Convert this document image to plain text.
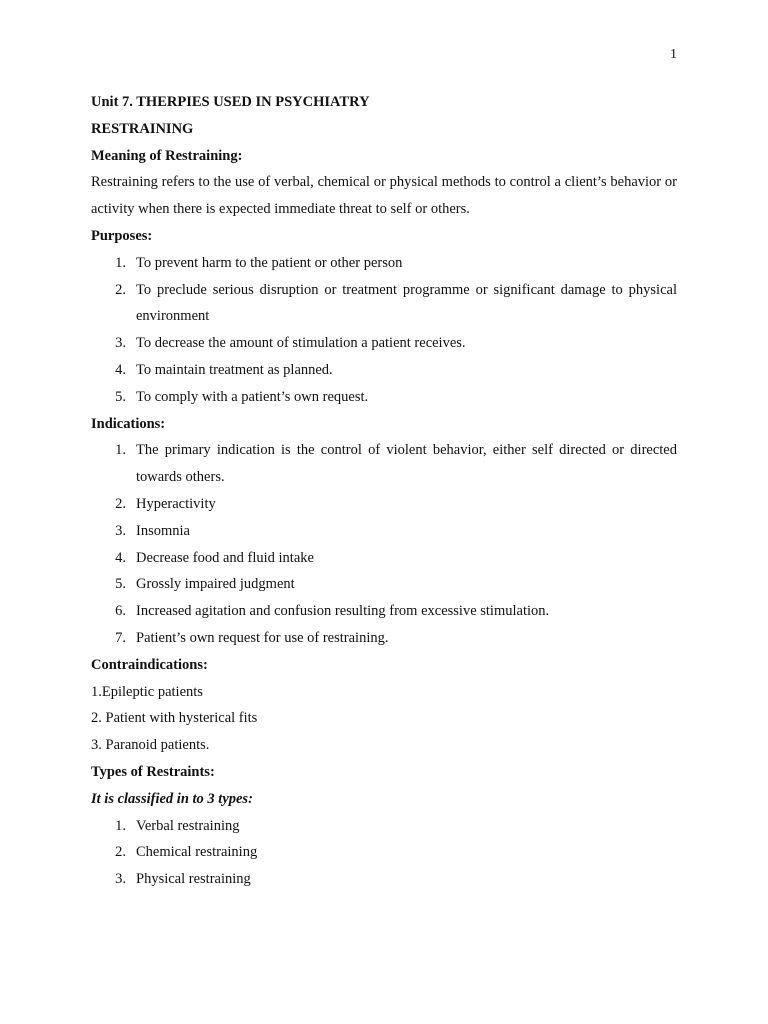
1

Unit 7. THERPIES USED IN PSYCHIATRY

RESTRAINING

Meaning of Restraining:

Restraining refers to the use of verbal, chemical or physical methods to control a client’s behavior or activity when there is expected immediate threat to self or others.

Purposes:

1. To prevent harm to the patient or other person
2. To preclude serious disruption or treatment programme or significant damage to physical environment
3. To decrease the amount of stimulation a patient receives.
4. To maintain treatment as planned.
5. To comply with a patient’s own request.

Indications:

1. The primary indication is the control of violent behavior, either self directed or directed towards others.
2. Hyperactivity
3. Insomnia
4. Decrease food and fluid intake
5. Grossly impaired judgment
6. Increased agitation and confusion resulting from excessive stimulation.
7. Patient’s own request for use of restraining.

Contraindications:

1.Epileptic patients

2. Patient with hysterical fits

3. Paranoid patients.

Types of Restraints:

It is classified in to 3 types:

1. Verbal restraining
2. Chemical restraining
3. Physical restraining
